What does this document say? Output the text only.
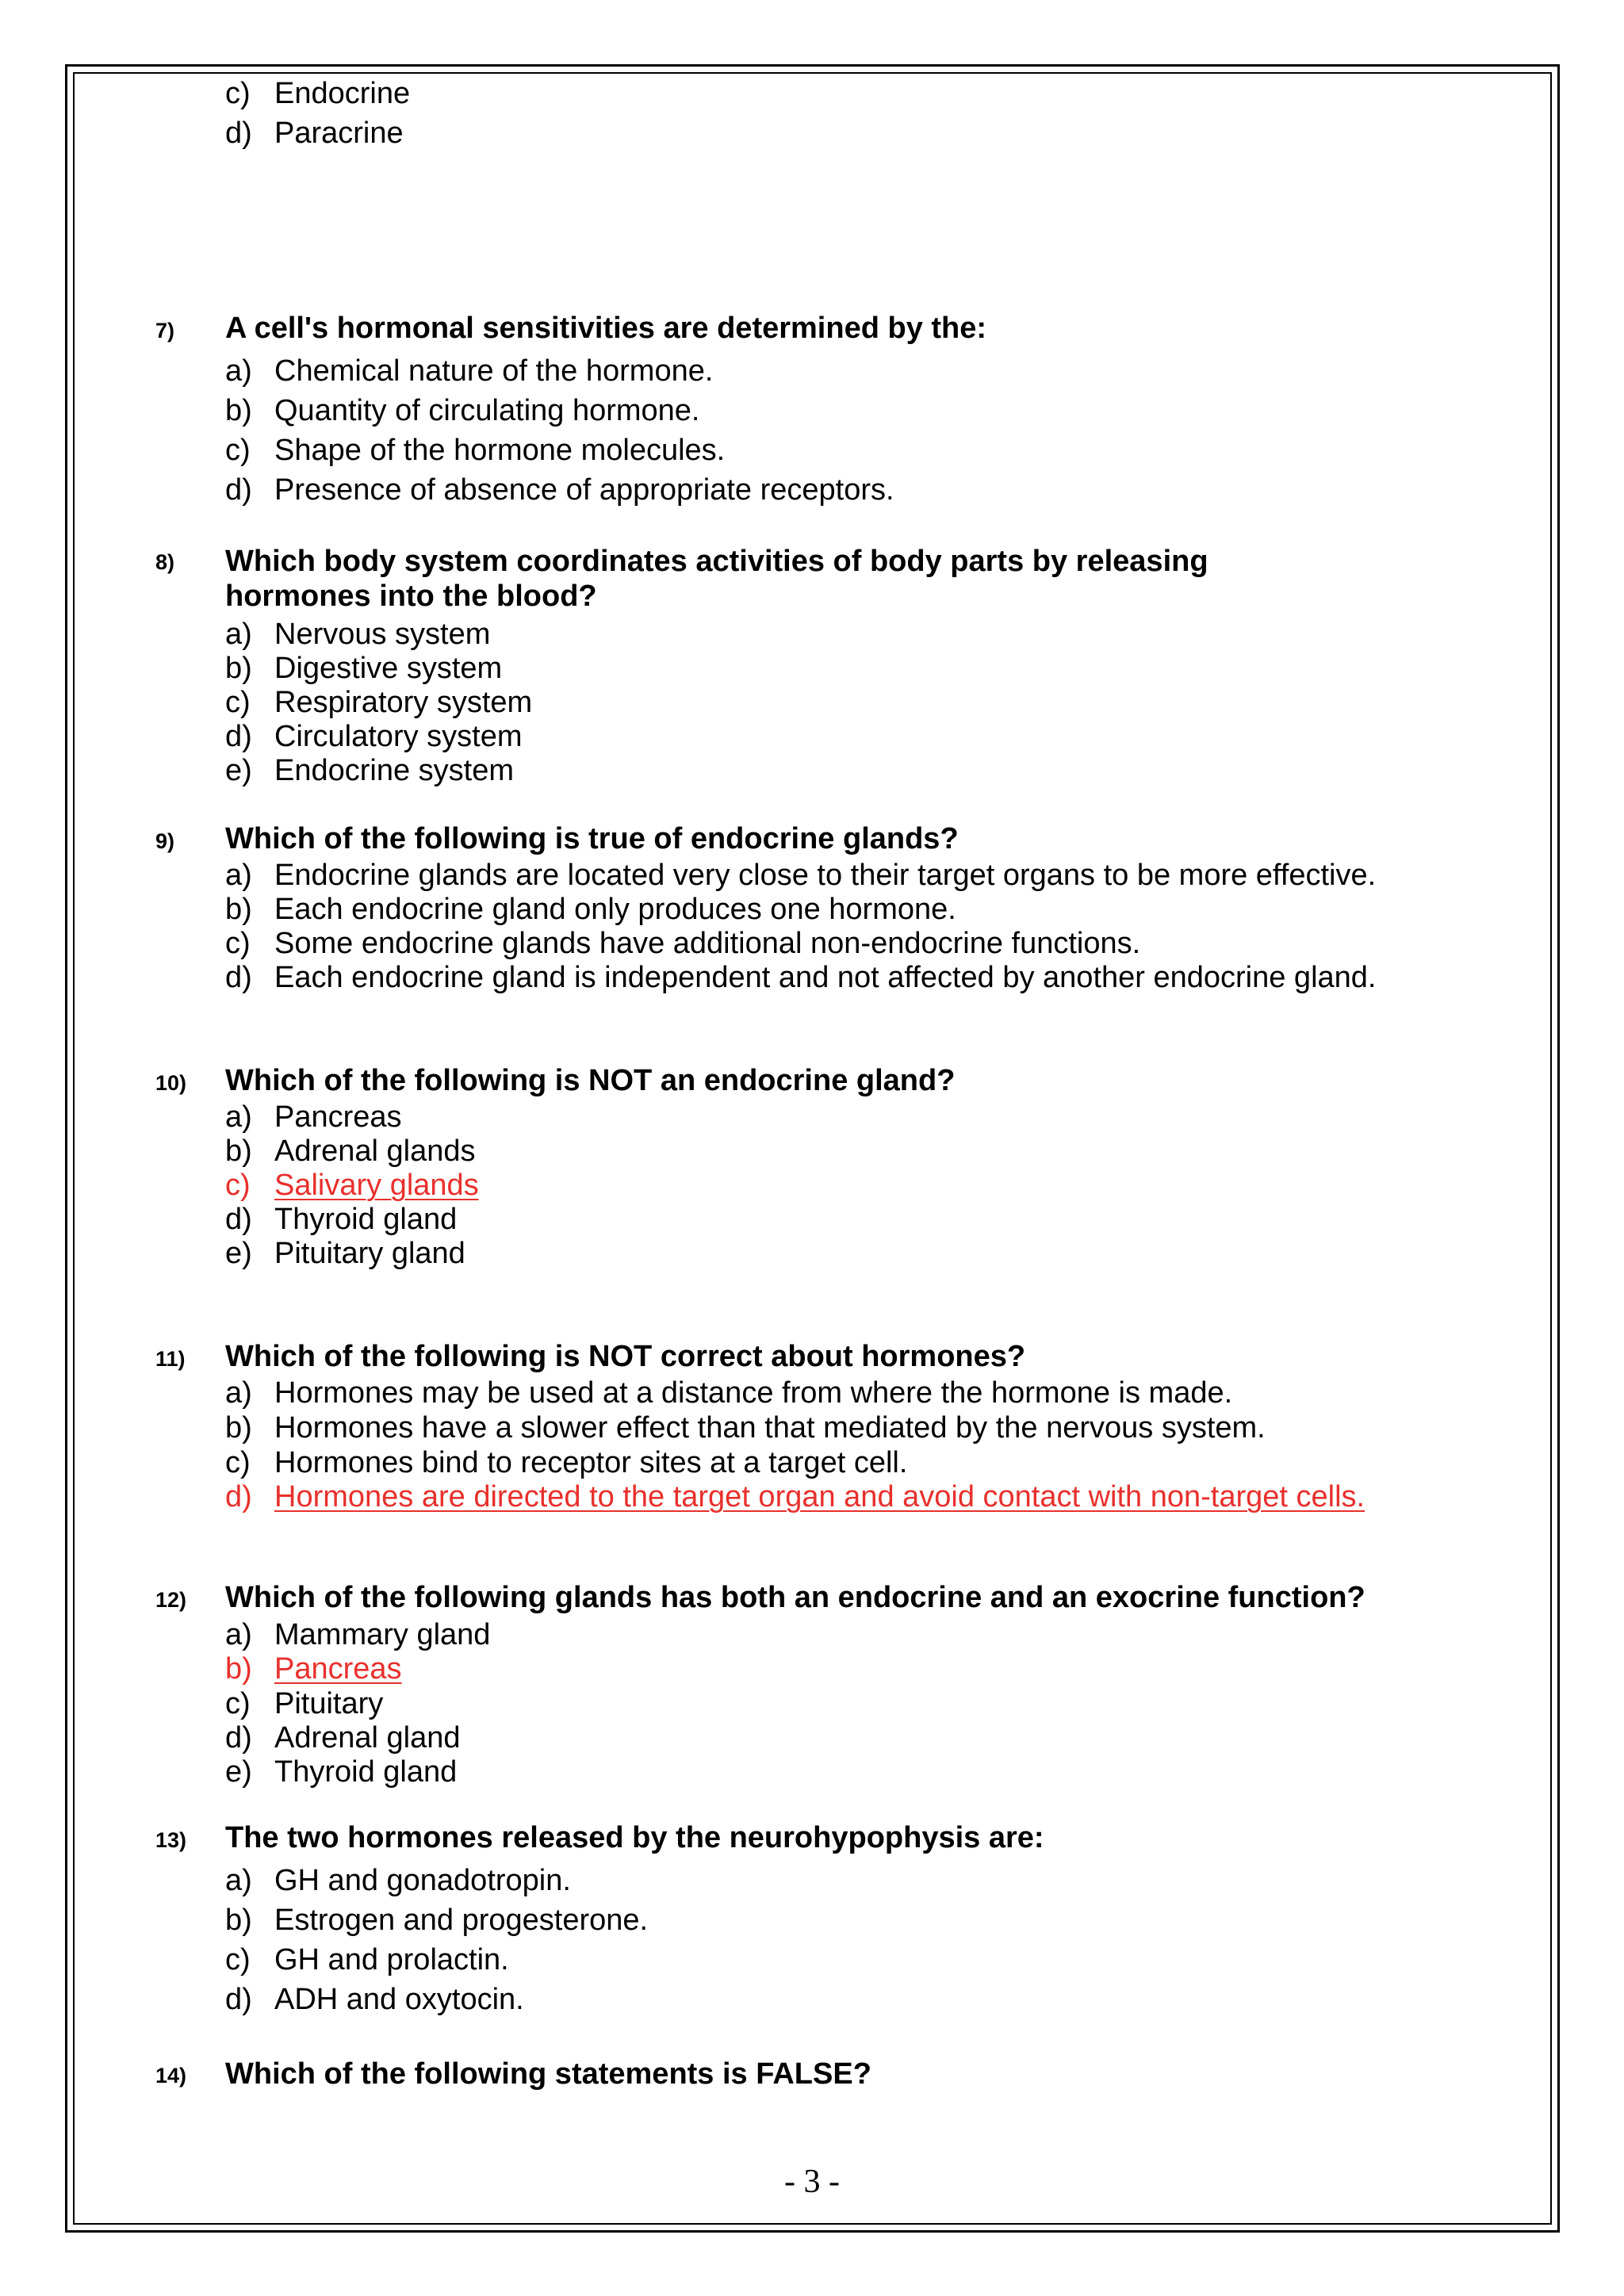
c) Endocrine
d) Paracrine
7)	A cell's hormonal sensitivities are determined by the:
a) Chemical nature of the hormone.
b) Quantity of circulating hormone.
c) Shape of the hormone molecules.
d) Presence of absence of appropriate receptors.
8)	Which body system coordinates activities of body parts by releasing hormones into the blood?
a) Nervous system
b) Digestive system
c) Respiratory system
d) Circulatory system
e) Endocrine system
9)	Which of the following is true of endocrine glands?
a) Endocrine glands are located very close to their target organs to be more effective.
b) Each endocrine gland only produces one hormone.
c) Some endocrine glands have additional non-endocrine functions.
d) Each endocrine gland is independent and not affected by another endocrine gland.
10)	Which of the following is NOT an endocrine gland?
a) Pancreas
b) Adrenal glands
c) Salivary glands
d) Thyroid gland
e) Pituitary gland
11)	Which of the following is NOT correct about hormones?
a) Hormones may be used at a distance from where the hormone is made.
b) Hormones have a slower effect than that mediated by the nervous system.
c) Hormones bind to receptor sites at a target cell.
d) Hormones are directed to the target organ and avoid contact with non-target cells.
12)	Which of the following glands has both an endocrine and an exocrine function?
a) Mammary gland
b) Pancreas
c) Pituitary
d) Adrenal gland
e) Thyroid gland
13)	The two hormones released by the neurohypophysis are:
a) GH and gonadotropin.
b) Estrogen and progesterone.
c) GH and prolactin.
d) ADH and oxytocin.
14)	Which of the following statements is FALSE?
- 3 -
